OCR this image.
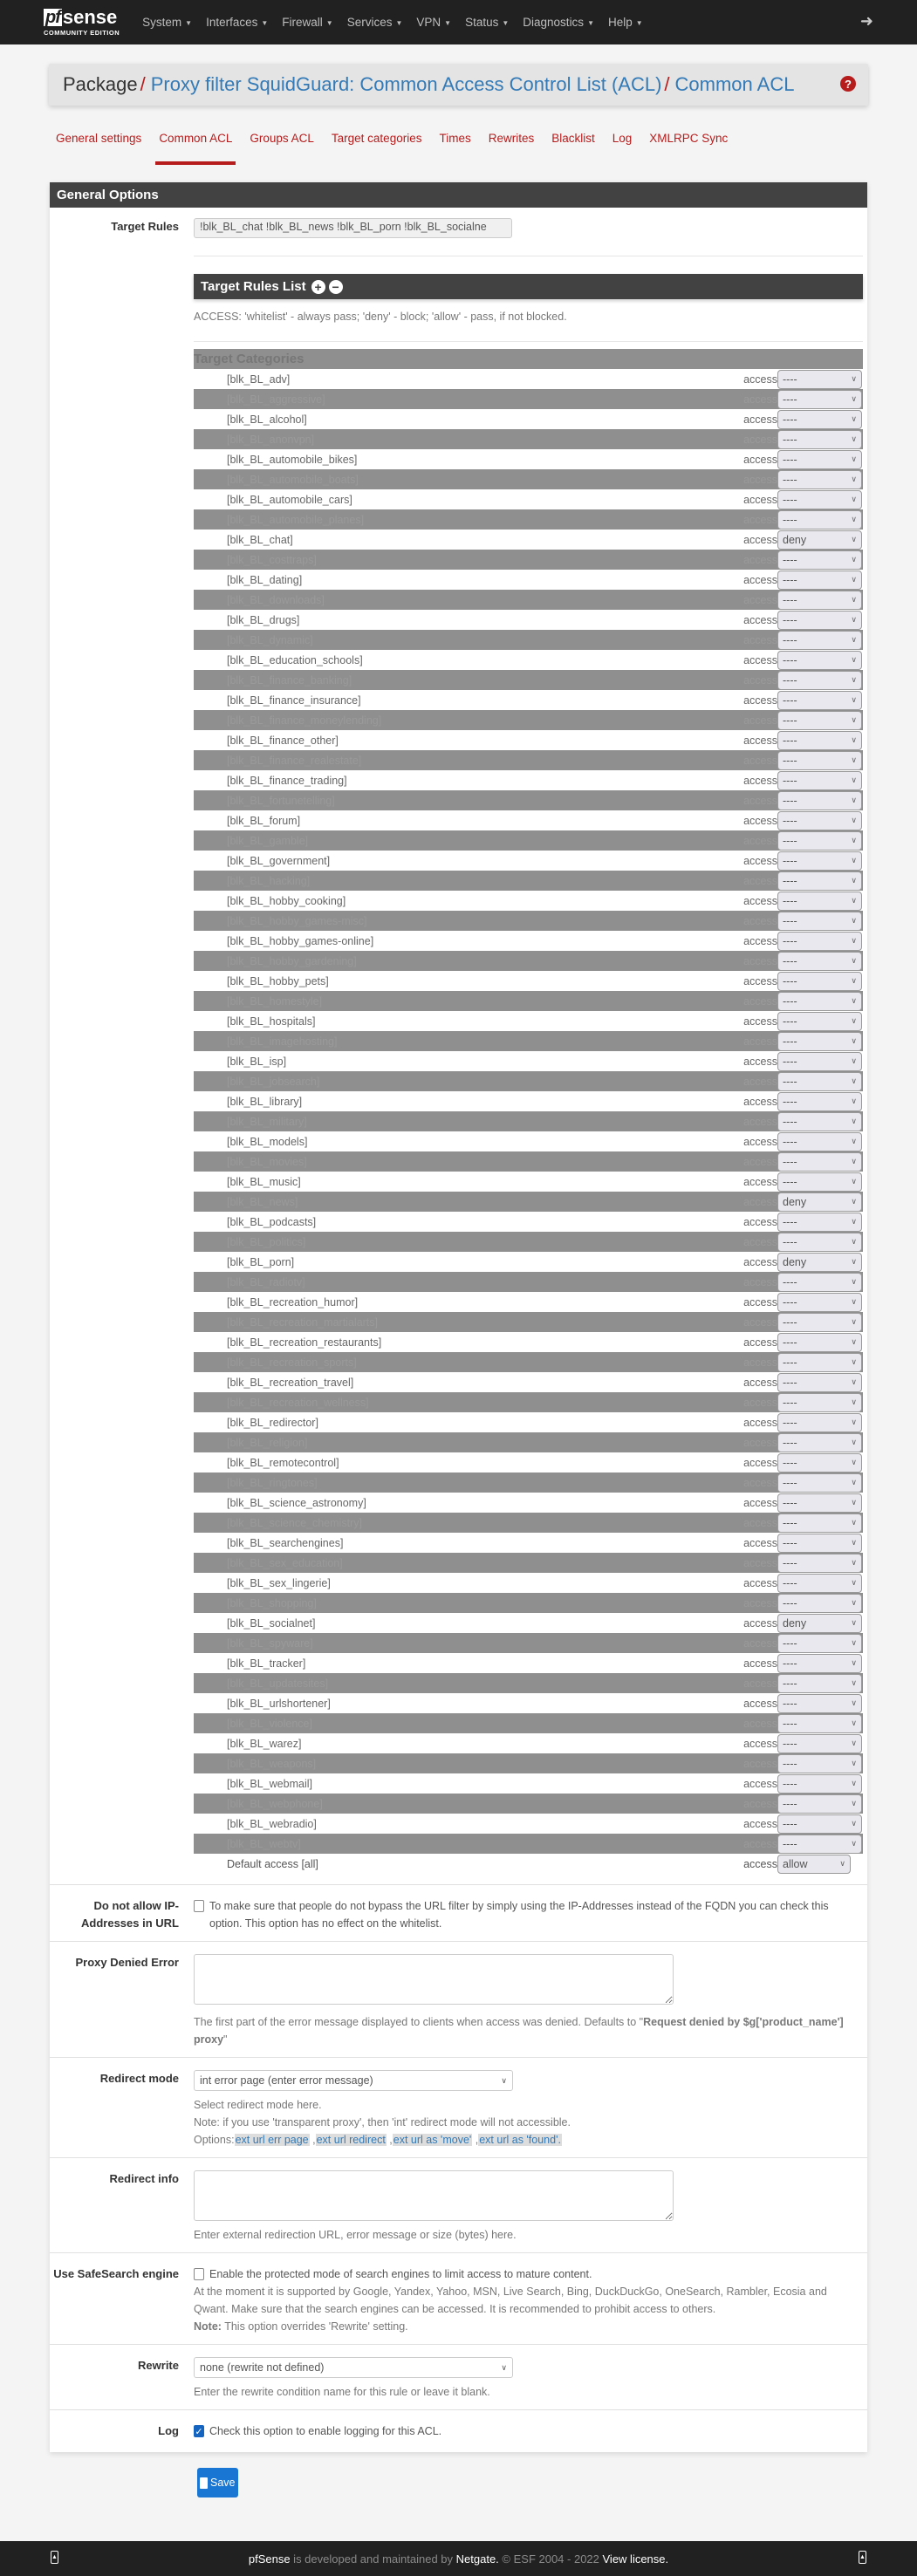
pf sense
COMMUNITY EDITION
System ▼	Interfaces ▼	Firewall ▼	Services ▼	VPN ▼	Status ▼	Diagnostics ▼	Help ▼	➜
Package / Proxy filter SquidGuard: Common Access Control List (ACL) / Common ACL	?
General settings	Common ACL	Groups ACL	Target categories	Times	Rewrites	Blacklist	Log	XMLRPC Sync
General Options
Target Rules	!blk_BL_chat !blk_BL_news !blk_BL_porn !blk_BL_socialne
Target Rules List + −
ACCESS: 'whitelist' - always pass; 'deny' - block; 'allow' - pass, if not blocked.
Target Categories		
[blk_BL_adv]	access	---- ∨

[blk_BL_aggressive]	access	---- ∨

[blk_BL_alcohol]	access	---- ∨

[blk_BL_anonvpn]	access	---- ∨

[blk_BL_automobile_bikes]	access	---- ∨

[blk_BL_automobile_boats]	access	---- ∨

[blk_BL_automobile_cars]	access	---- ∨

[blk_BL_automobile_planes]	access	---- ∨

[blk_BL_chat]	access	deny ∨

[blk_BL_costtraps]	access	---- ∨

[blk_BL_dating]	access	---- ∨

[blk_BL_downloads]	access	---- ∨

[blk_BL_drugs]	access	---- ∨

[blk_BL_dynamic]	access	---- ∨

[blk_BL_education_schools]	access	---- ∨

[blk_BL_finance_banking]	access	---- ∨

[blk_BL_finance_insurance]	access	---- ∨

[blk_BL_finance_moneylending]	access	---- ∨

[blk_BL_finance_other]	access	---- ∨

[blk_BL_finance_realestate]	access	---- ∨

[blk_BL_finance_trading]	access	---- ∨

[blk_BL_fortunetelling]	access	---- ∨

[blk_BL_forum]	access	---- ∨

[blk_BL_gamble]	access	---- ∨

[blk_BL_government]	access	---- ∨

[blk_BL_hacking]	access	---- ∨

[blk_BL_hobby_cooking]	access	---- ∨

[blk_BL_hobby_games-misc]	access	---- ∨

[blk_BL_hobby_games-online]	access	---- ∨

[blk_BL_hobby_gardening]	access	---- ∨

[blk_BL_hobby_pets]	access	---- ∨

[blk_BL_homestyle]	access	---- ∨

[blk_BL_hospitals]	access	---- ∨

[blk_BL_imagehosting]	access	---- ∨

[blk_BL_isp]	access	---- ∨

[blk_BL_jobsearch]	access	---- ∨

[blk_BL_library]	access	---- ∨

[blk_BL_military]	access	---- ∨

[blk_BL_models]	access	---- ∨

[blk_BL_movies]	access	---- ∨

[blk_BL_music]	access	---- ∨

[blk_BL_news]	access	deny ∨

[blk_BL_podcasts]	access	---- ∨

[blk_BL_politics]	access	---- ∨

[blk_BL_porn]	access	deny ∨

[blk_BL_radiotv]	access	---- ∨

[blk_BL_recreation_humor]	access	---- ∨

[blk_BL_recreation_martialarts]	access	---- ∨

[blk_BL_recreation_restaurants]	access	---- ∨

[blk_BL_recreation_sports]	access	---- ∨

[blk_BL_recreation_travel]	access	---- ∨

[blk_BL_recreation_wellness]	access	---- ∨

[blk_BL_redirector]	access	---- ∨

[blk_BL_religion]	access	---- ∨

[blk_BL_remotecontrol]	access	---- ∨

[blk_BL_ringtones]	access	---- ∨

[blk_BL_science_astronomy]	access	---- ∨

[blk_BL_science_chemistry]	access	---- ∨

[blk_BL_searchengines]	access	---- ∨

[blk_BL_sex_education]	access	---- ∨

[blk_BL_sex_lingerie]	access	---- ∨

[blk_BL_shopping]	access	---- ∨

[blk_BL_socialnet]	access	deny ∨

[blk_BL_spyware]	access	---- ∨

[blk_BL_tracker]	access	---- ∨

[blk_BL_updatesites]	access	---- ∨

[blk_BL_urlshortener]	access	---- ∨

[blk_BL_violence]	access	---- ∨

[blk_BL_warez]	access	---- ∨

[blk_BL_weapons]	access	---- ∨

[blk_BL_webmail]	access	---- ∨

[blk_BL_webphone]	access	---- ∨

[blk_BL_webradio]	access	---- ∨

[blk_BL_webtv]	access	---- ∨

Default access [all]	access	allow ∨
Do not allow IP-Addresses in URL
To make sure that people do not bypass the URL filter by simply using the IP-Addresses instead of the FQDN you can check this option. This option has no effect on the whitelist.
Proxy Denied Error
The first part of the error message displayed to clients when access was denied. Defaults to "Request denied by $g['product_name'] proxy"
Redirect mode	int error page (enter error message)	∨
Select redirect mode here.
Note: if you use 'transparent proxy', then 'int' redirect mode will not accessible.
Options:ext url err page ,ext url redirect ,ext url as 'move' ,ext url as 'found'.
Redirect info
Enter external redirection URL, error message or size (bytes) here.
Use SafeSearch engine	Enable the protected mode of search engines to limit access to mature content.
At the moment it is supported by Google, Yandex, Yahoo, MSN, Live Search, Bing, DuckDuckGo, OneSearch, Rambler, Ecosia and Qwant. Make sure that the search engines can be accessed. It is recommended to prohibit access to others.
Note: This option overrides 'Rewrite' setting.
Rewrite	none (rewrite not defined)	∨
Enter the rewrite condition name for this rule or leave it blank.
Log	✓ Check this option to enable logging for this ACL.
Save
▲	pfSense is developed and maintained by Netgate. © ESF 2004 - 2022 View license.	▲
